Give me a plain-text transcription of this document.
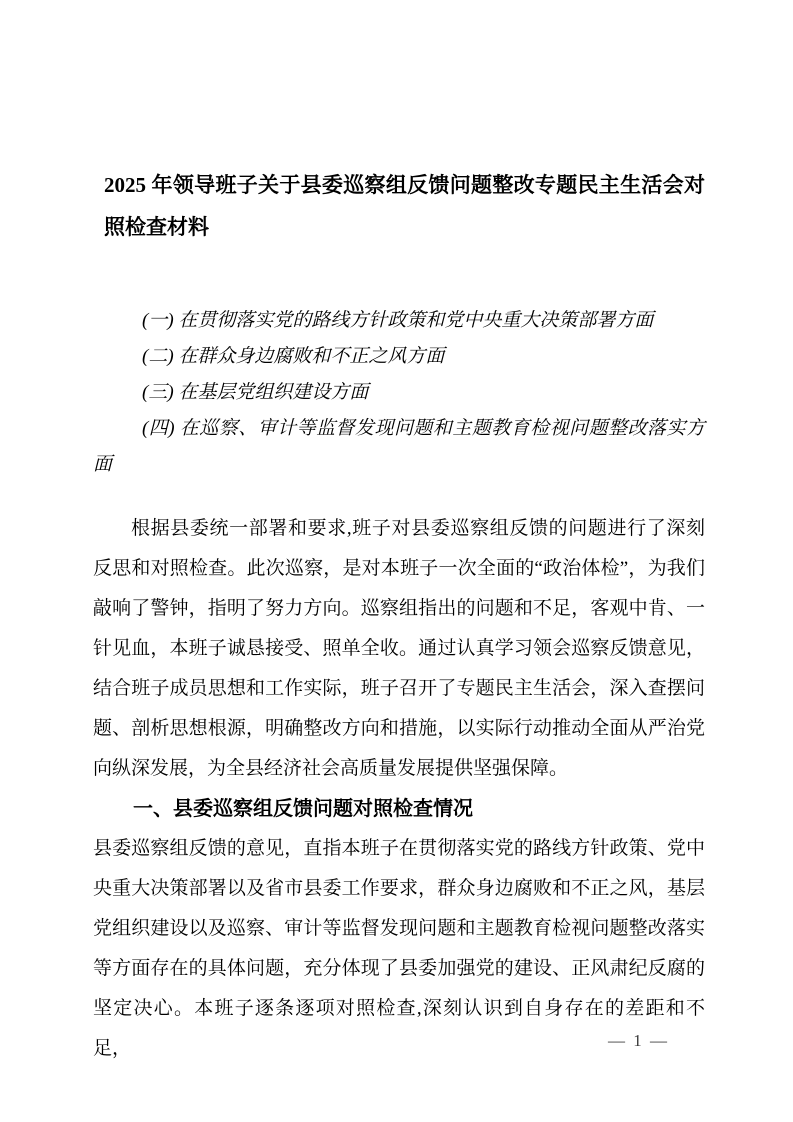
2025 年领导班子关于县委巡察组反馈问题整改专题民主生活会对照检查材料

(一) 在贯彻落实党的路线方针政策和党中央重大决策部署方面

(二) 在群众身边腐败和不正之风方面

(三) 在基层党组织建设方面

(四) 在巡察、审计等监督发现问题和主题教育检视问题整改落实方面

根据县委统一部署和要求,班子对县委巡察组反馈的问题进行了深刻反思和对照检查。此次巡察，是对本班子一次全面的“政治体检”，为我们敲响了警钟，指明了努力方向。巡察组指出的问题和不足，客观中肯、一针见血，本班子诚恳接受、照单全收。通过认真学习领会巡察反馈意见，结合班子成员思想和工作实际，班子召开了专题民主生活会，深入查摆问题、剖析思想根源，明确整改方向和措施，以实际行动推动全面从严治党向纵深发展，为全县经济社会高质量发展提供坚强保障。

一、县委巡察组反馈问题对照检查情况

县委巡察组反馈的意见，直指本班子在贯彻落实党的路线方针政策、党中央重大决策部署以及省市县委工作要求，群众身边腐败和不正之风，基层党组织建设以及巡察、审计等监督发现问题和主题教育检视问题整改落实等方面存在的具体问题，充分体现了县委加强党的建设、正风肃纪反腐的坚定决心。本班子逐条逐项对照检查,深刻认识到自身存在的差距和不足，	— 1 —
